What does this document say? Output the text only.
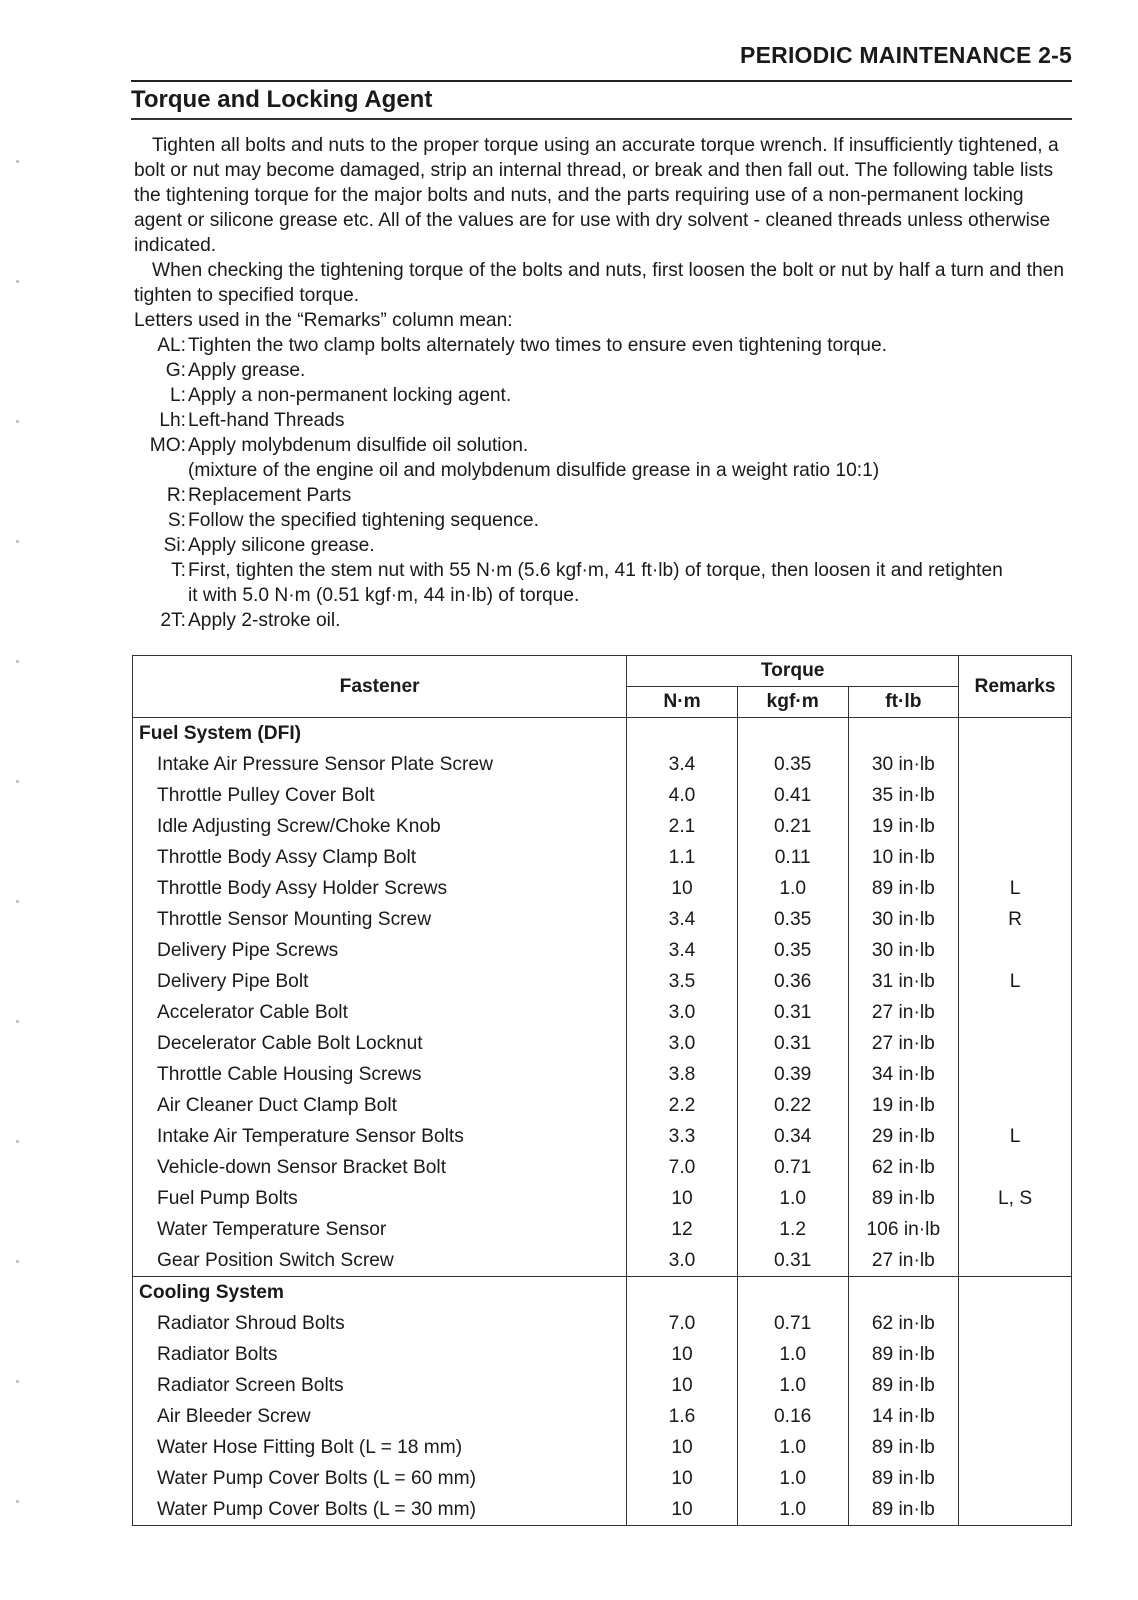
PERIODIC MAINTENANCE 2-5
Torque and Locking Agent

Tighten all bolts and nuts to the proper torque using an accurate torque wrench. If insufficiently tightened, a bolt or nut may become damaged, strip an internal thread, or break and then fall out. The following table lists the tightening torque for the major bolts and nuts, and the parts requiring use of a non-permanent locking agent or silicone grease etc. All of the values are for use with dry solvent - cleaned threads unless otherwise indicated.

When checking the tightening torque of the bolts and nuts, first loosen the bolt or nut by half a turn and then tighten to specified torque.

Letters used in the “Remarks” column mean:

AL: Tighten the two clamp bolts alternately two times to ensure even tightening torque.
G: Apply grease.
L: Apply a non-permanent locking agent.
Lh: Left-hand Threads
MO: Apply molybdenum disulfide oil solution.
(mixture of the engine oil and molybdenum disulfide grease in a weight ratio 10:1)
R: Replacement Parts
S: Follow the specified tightening sequence.
Si: Apply silicone grease.
T: First, tighten the stem nut with 55 N·m (5.6 kgf·m, 41 ft·lb) of torque, then loosen it and retighten
it with 5.0 N·m (0.51 kgf·m, 44 in·lb) of torque.
2T: Apply 2-stroke oil.
Fastener	Torque			Remarks
	N·m	kgf·m	ft·lb	
Fuel System (DFI)				
Intake Air Pressure Sensor Plate Screw	3.4	0.35	30 in·lb	
Throttle Pulley Cover Bolt	4.0	0.41	35 in·lb	
Idle Adjusting Screw/Choke Knob	2.1	0.21	19 in·lb	
Throttle Body Assy Clamp Bolt	1.1	0.11	10 in·lb	
Throttle Body Assy Holder Screws	10	1.0	89 in·lb	L
Throttle Sensor Mounting Screw	3.4	0.35	30 in·lb	R
Delivery Pipe Screws	3.4	0.35	30 in·lb	
Delivery Pipe Bolt	3.5	0.36	31 in·lb	L
Accelerator Cable Bolt	3.0	0.31	27 in·lb	
Decelerator Cable Bolt Locknut	3.0	0.31	27 in·lb	
Throttle Cable Housing Screws	3.8	0.39	34 in·lb	
Air Cleaner Duct Clamp Bolt	2.2	0.22	19 in·lb	
Intake Air Temperature Sensor Bolts	3.3	0.34	29 in·lb	L
Vehicle-down Sensor Bracket Bolt	7.0	0.71	62 in·lb	
Fuel Pump Bolts	10	1.0	89 in·lb	L, S
Water Temperature Sensor	12	1.2	106 in·lb	
Gear Position Switch Screw	3.0	0.31	27 in·lb	
Cooling System				
Radiator Shroud Bolts	7.0	0.71	62 in·lb	
Radiator Bolts	10	1.0	89 in·lb	
Radiator Screen Bolts	10	1.0	89 in·lb	
Air Bleeder Screw	1.6	0.16	14 in·lb	
Water Hose Fitting Bolt (L = 18 mm)	10	1.0	89 in·lb	
Water Pump Cover Bolts (L = 60 mm)	10	1.0	89 in·lb	
Water Pump Cover Bolts (L = 30 mm)	10	1.0	89 in·lb	
